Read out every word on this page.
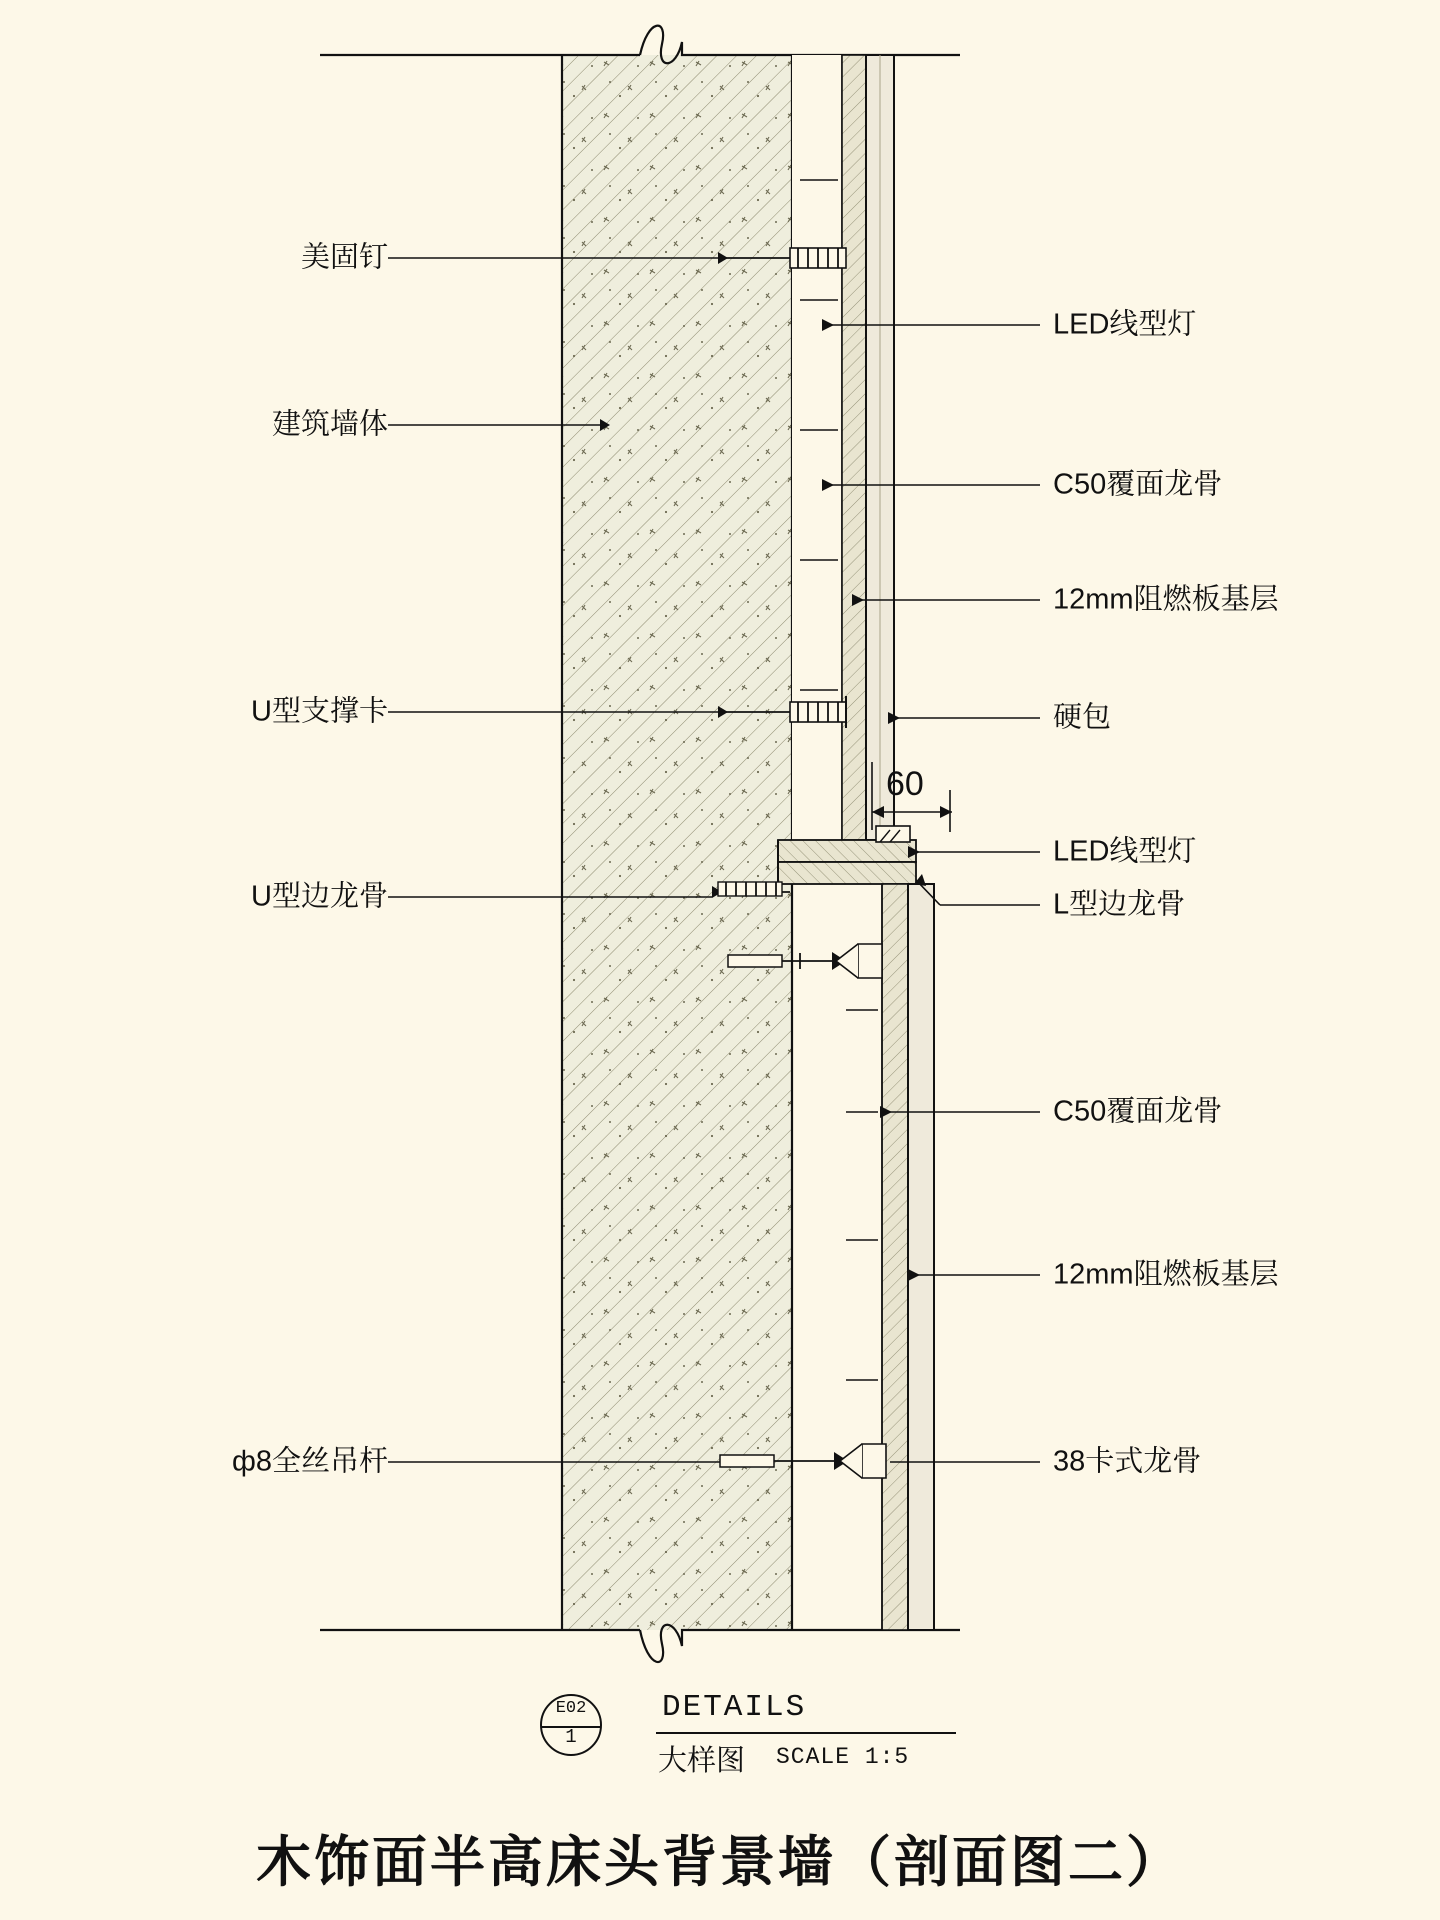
美固钉
建筑墙体
U型支撑卡
U型边龙骨
ф8全丝吊杆
LED线型灯
C50覆面龙骨
12mm阻燃板基层
硬包
LED线型灯
L型边龙骨
C50覆面龙骨
12mm阻燃板基层
38卡式龙骨
60
E02
1
DETAILS
大样图 SCALE 1:5
木饰面半高床头背景墙（剖面图二）
